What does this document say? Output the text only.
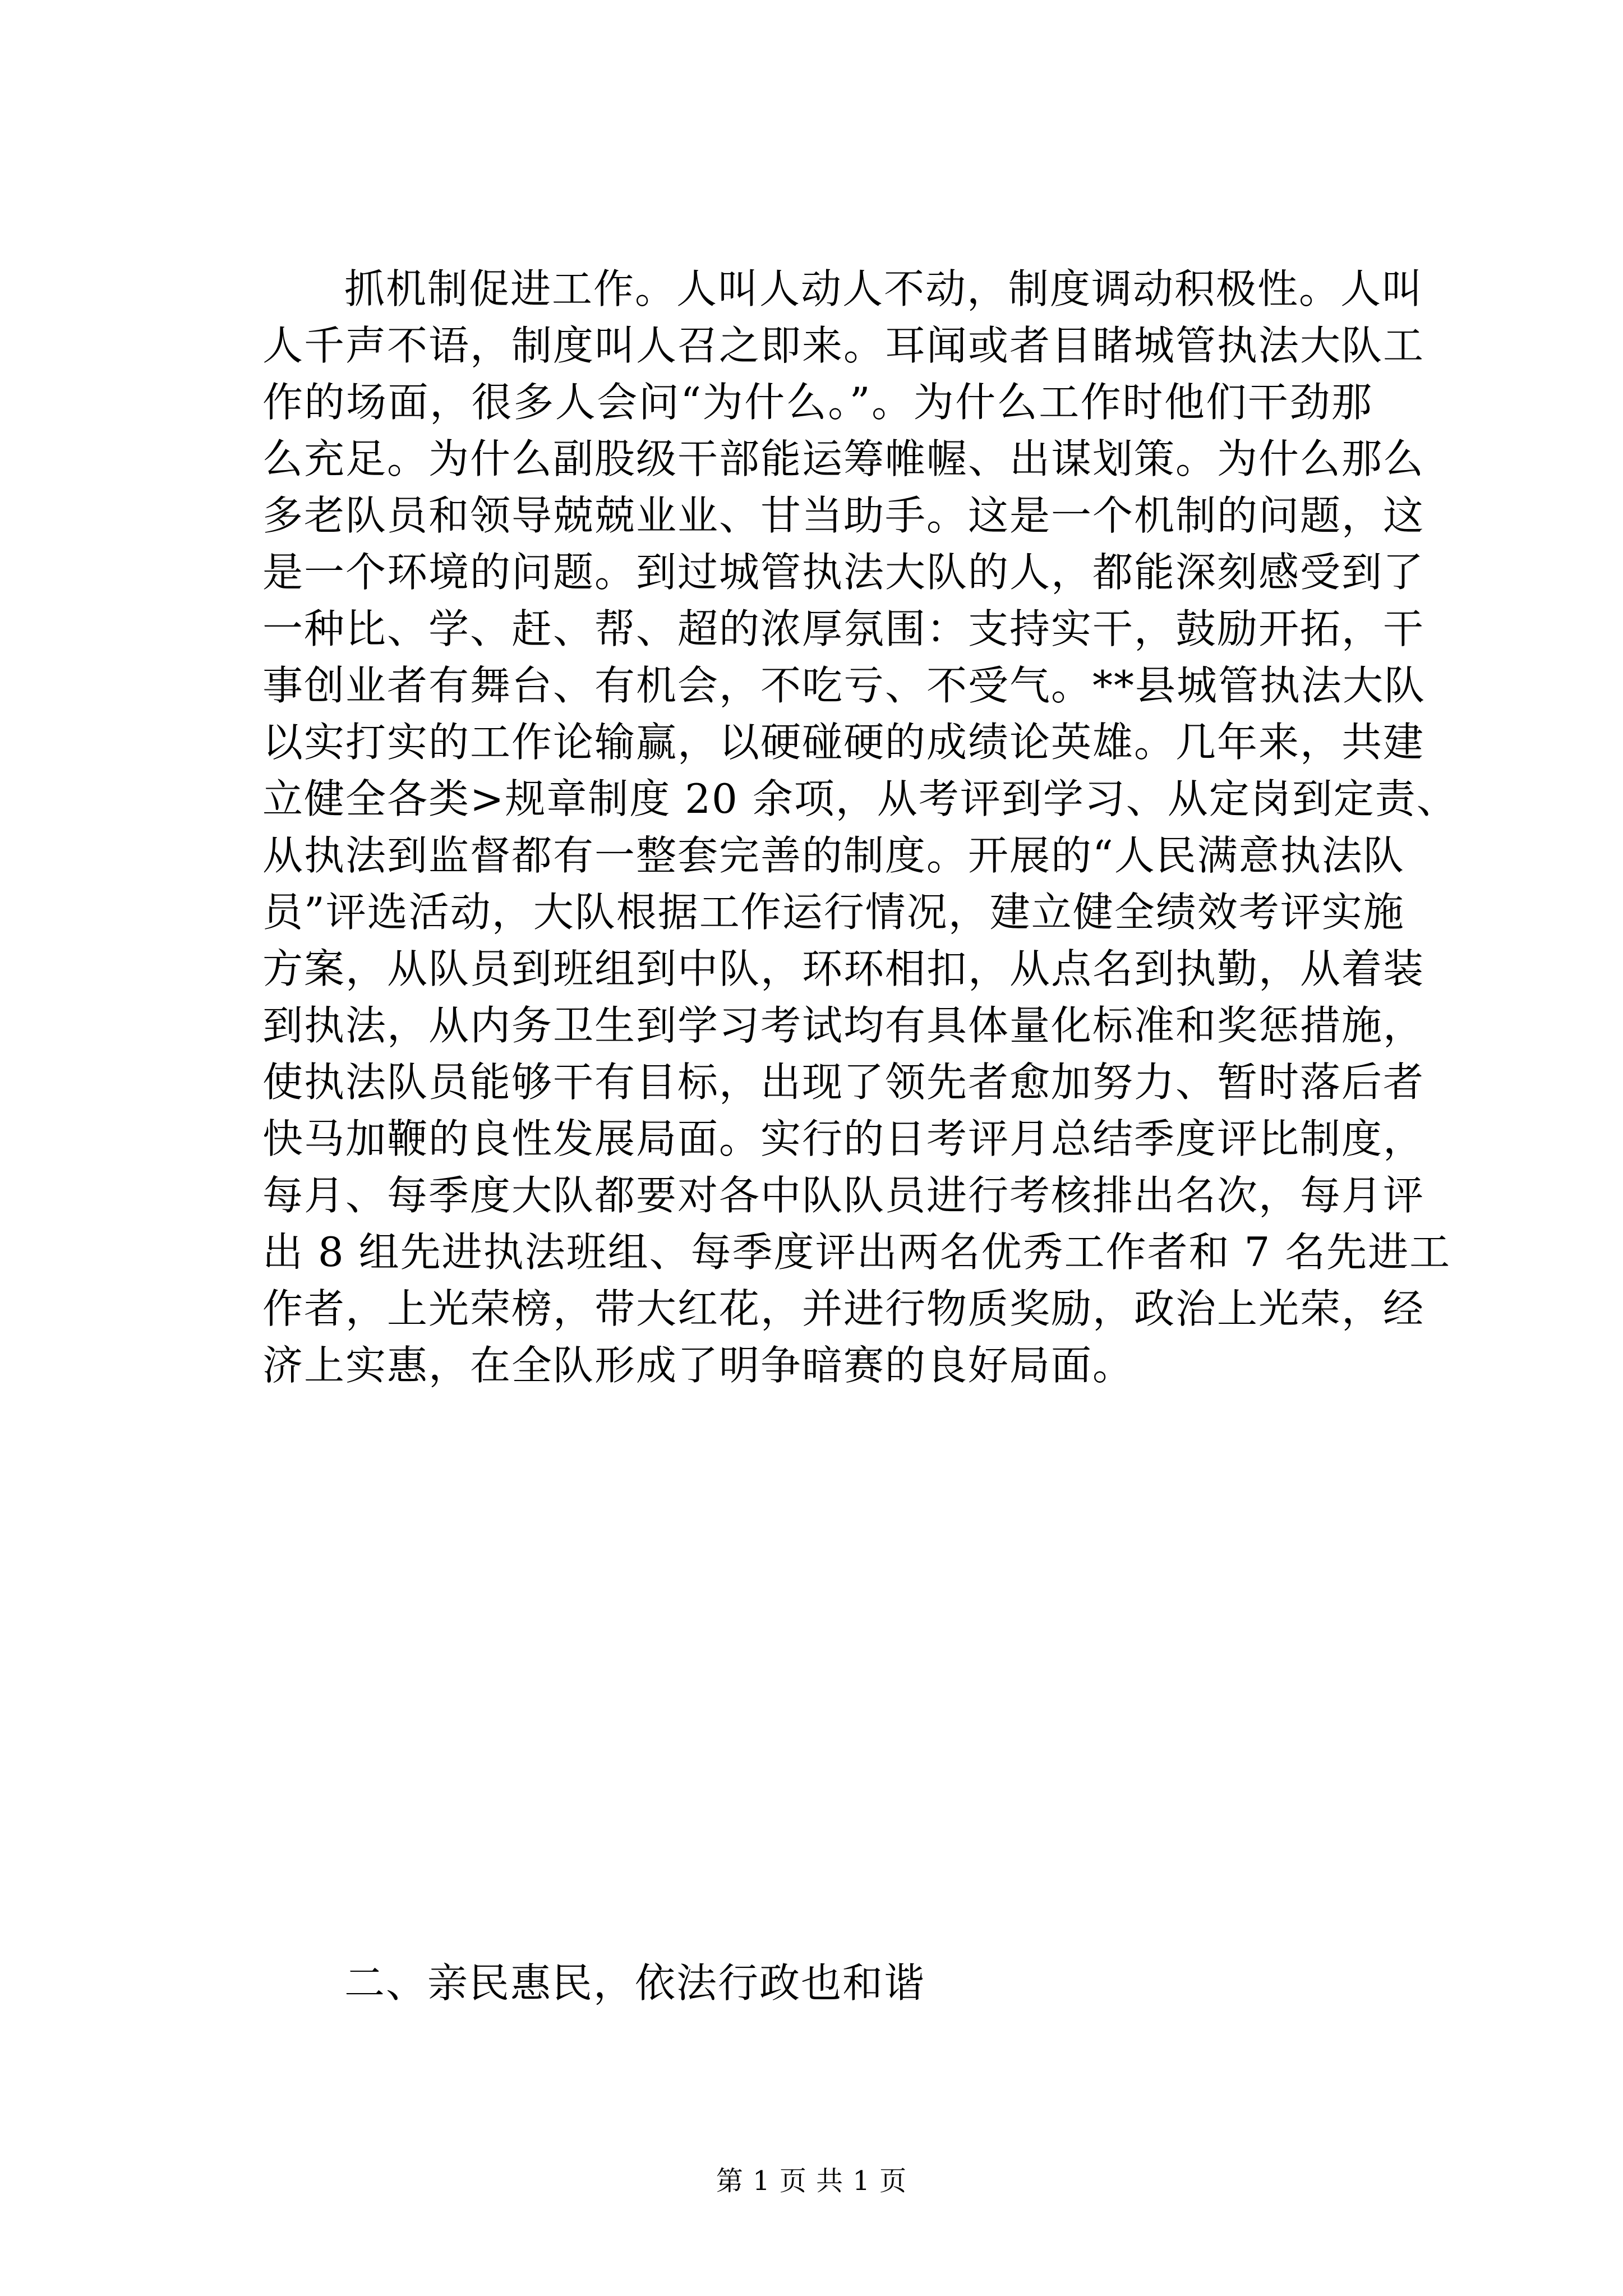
抓机制促进工作。人叫人动人不动，制度调动积极性。人叫
人千声不语，制度叫人召之即来。耳闻或者目睹城管执法大队工
作的场面，很多人会问“为什么。”。为什么工作时他们干劲那
么充足。为什么副股级干部能运筹帷幄、出谋划策。为什么那么
多老队员和领导兢兢业业、甘当助手。这是一个机制的问题，这
是一个环境的问题。到过城管执法大队的人，都能深刻感受到了
一种比、学、赶、帮、超的浓厚氛围：支持实干，鼓励开拓，干
事创业者有舞台、有机会，不吃亏、不受气。**县城管执法大队
以实打实的工作论输赢，以硬碰硬的成绩论英雄。几年来，共建
立健全各类>规章制度 20 余项，从考评到学习、从定岗到定责、
从执法到监督都有一整套完善的制度。开展的“人民满意执法队
员”评选活动，大队根据工作运行情况，建立健全绩效考评实施
方案，从队员到班组到中队，环环相扣，从点名到执勤，从着装
到执法，从内务卫生到学习考试均有具体量化标准和奖惩措施，
使执法队员能够干有目标，出现了领先者愈加努力、暂时落后者
快马加鞭的良性发展局面。实行的日考评月总结季度评比制度，
每月、每季度大队都要对各中队队员进行考核排出名次，每月评
出 8 组先进执法班组、每季度评出两名优秀工作者和 7 名先进工
作者，上光荣榜，带大红花，并进行物质奖励，政治上光荣，经
济上实惠，在全队形成了明争暗赛的良好局面。
二、亲民惠民，依法行政也和谐
第 1 页 共 1 页
